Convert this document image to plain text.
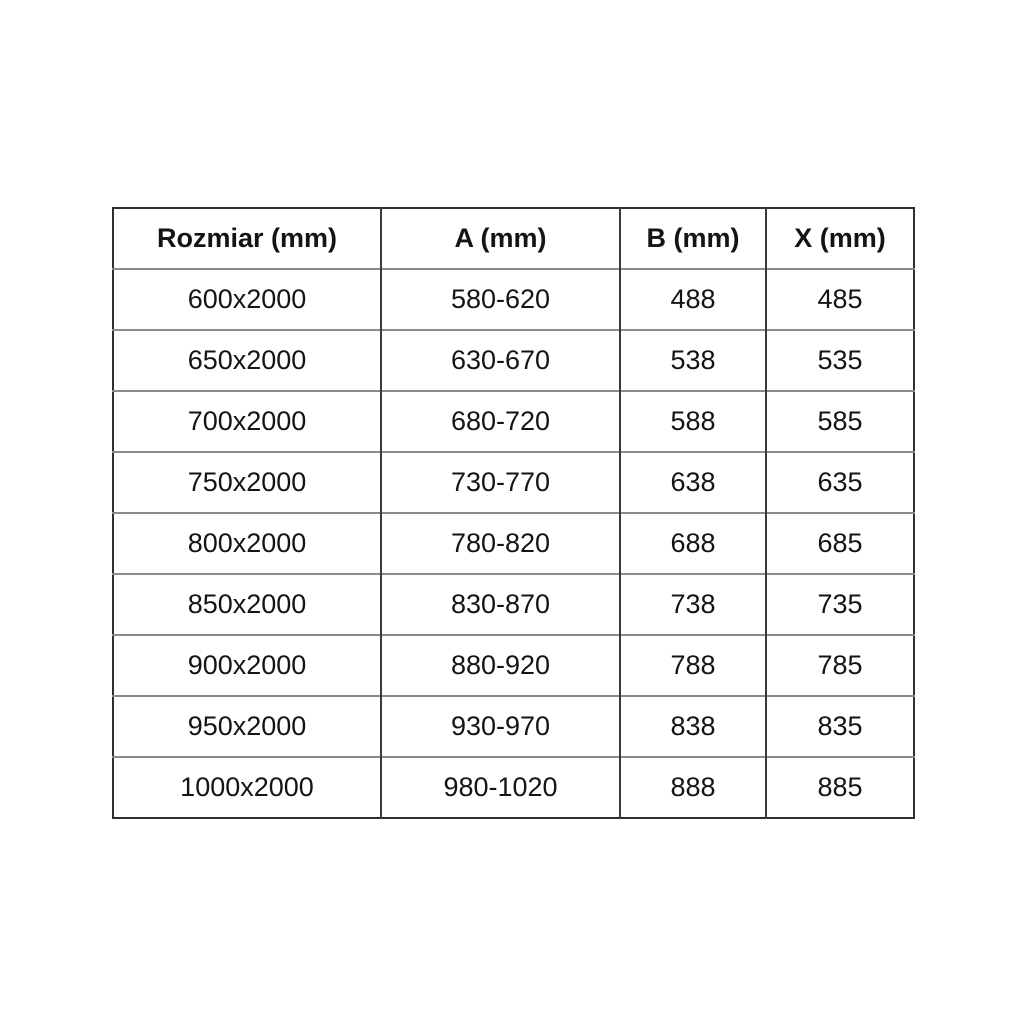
Rozmiar (mm)	A (mm)	B (mm)	X (mm)
600x2000	580-620	488	485
650x2000	630-670	538	535
700x2000	680-720	588	585
750x2000	730-770	638	635
800x2000	780-820	688	685
850x2000	830-870	738	735
900x2000	880-920	788	785
950x2000	930-970	838	835
1000x2000	980-1020	888	885
